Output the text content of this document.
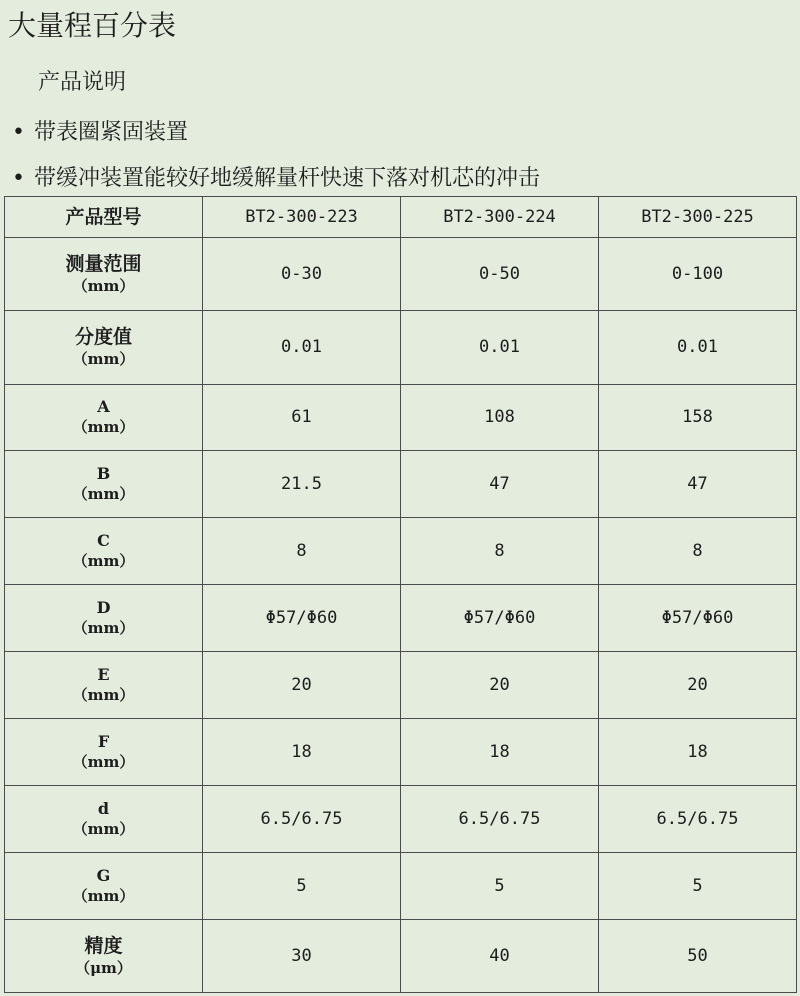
大量程百分表
产品说明
• 带表圈紧固装置
• 带缓冲装置能较好地缓解量杆快速下落对机芯的冲击
产品型号	BT2-300-223	BT2-300-224	BT2-300-225

测量范围
（mm）	0-30	0-50	0-100

分度值
（mm）	0.01	0.01	0.01

A
（mm）	61	108	158

B
（mm）	21.5	47	47

C
（mm）	8	8	8

D
（mm）	Φ57/Φ60	Φ57/Φ60	Φ57/Φ60

E
（mm）	20	20	20

F
（mm）	18	18	18

d
（mm）	6.5/6.75	6.5/6.75	6.5/6.75

G
（mm）	5	5	5

精度
（μm）	30	40	50
